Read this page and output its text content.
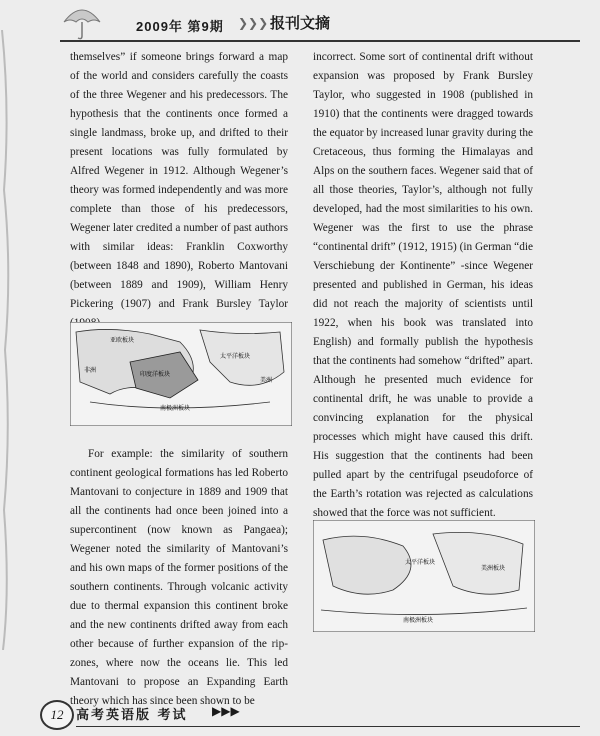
2009年 第9期 ❯❯❯ 报刊文摘

themselves” if someone brings forward a map of the world and considers carefully the coasts of the three Wegener and his predecessors. The hypothesis that the continents once formed a single landmass, broke up, and drifted to their present locations was fully formulated by Alfred Wegener in 1912. Although Wegener’s theory was formed independently and was more complete than those of his predecessors, Wegener later credited a number of past authors with similar ideas: Franklin Coxworthy (between 1848 and 1890), Roberto Mantovani (between 1889 and 1909), William Henry Pickering (1907) and Frank Bursley Taylor

For example: the similarity of southern continent geological formations has led Roberto Mantovani to conjecture in 1889 and 1909 that all the continents had once been joined into a supercontinent (now known as Pangaea); Wegener noted the similarity of Mantovani’s and his own maps of the former positions of the southern continents. Through volcanic activity due to thermal expansion this continent broke and the new continents drifted away from each other because of further expansion of the rip-zones, where now the oceans lie. This led Mantovani to propose an Expanding Earth theory which has since been shown to be

亚欧板块
太平洋板块
印度洋板块
美洲
南极洲板块
非洲

incorrect. Some sort of continental drift without expansion was proposed by Frank Bursley Taylor, who suggested in 1908 (published in 1910) that the continents were dragged towards the equator by increased lunar gravity during the Cretaceous, thus forming the Himalayas and Alps on the southern faces. Wegener said that of all those theories, Taylor’s, although not fully developed, had the most similarities to his own. Wegener was the first to use the phrase “continental drift” (1912, 1915) (in German “die Verschiebung der Kontinente” -since Wegener presented and published in German, his ideas did not reach the majority of scientists until 1922, when his book was translated into English) and formally publish the hypothesis that the continents had somehow “drifted” apart. Although he presented much evidence for continental drift, he was unable to provide a convincing explanation for the physical processes which might have caused this drift. His suggestion that the continents had been pulled apart by the centrifugal pseudoforce of the Earth’s rotation was rejected as calculations showed that the force was not sufficient.

太平洋板块
美洲板块
南极洲板块
12 高考英语版 考试 ▶▶▶
